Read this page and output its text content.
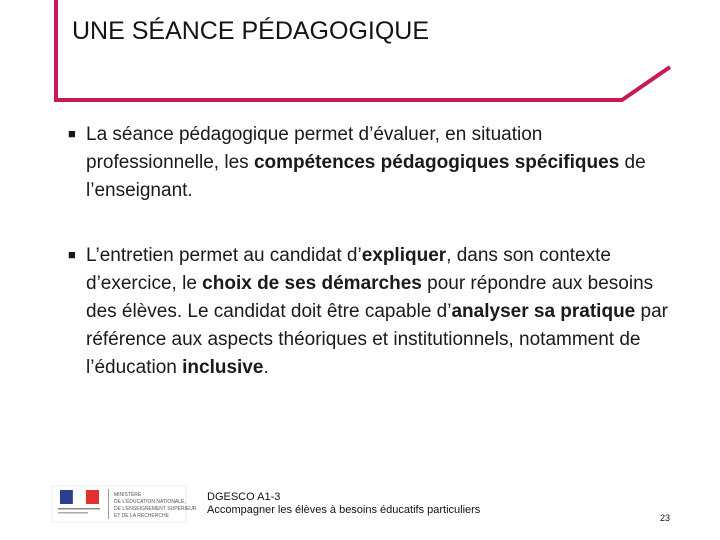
UNE SÉANCE PÉDAGOGIQUE

■ La séance pédagogique permet d’évaluer, en situation professionnelle, les compétences pédagogiques spécifiques de l’enseignant.

■ L’entretien permet au candidat d’expliquer, dans son contexte d’exercice, le choix de ses démarches pour répondre aux besoins des élèves. Le candidat doit être capable d’analyser sa pratique par référence aux aspects théoriques et institutionnels, notamment de l’éducation inclusive.

MINISTÈRE
DE L’ÉDUCATION NATIONALE,
DE L’ENSEIGNEMENT SUPÉRIEUR
ET DE LA RECHERCHE
DGESCO A1-3
Accompagner les élèves à besoins éducatifs particuliers
23
